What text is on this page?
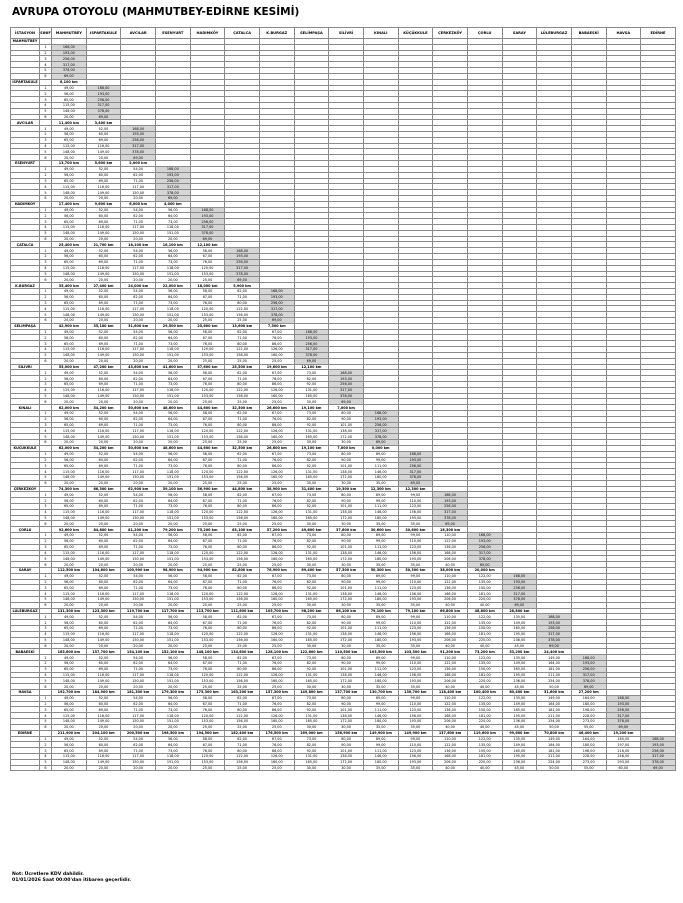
AVRUPA OTOYOLU (MAHMUTBEY-EDİRNE KESİMİ)
İSTASYON	SINIF	MAHMUTBEY	ISPARTAKULE	AVCILAR	ESENYURT	HADIMKÖY	ÇATALCA	K.BURGAZ	SELİMPAŞA	SİLİVRİ	KINALI	KÜÇÜKKULE	ÇERKEZKÖY	ÇORLU	SARAY	LÜLEBURGAZ	BABAESKİ	HAVSA	EDİRNE
MAHMUTBEY																			
	1	168,00																	
	2	193,00																	
	3	256,00																	
	4	317,00																	
	5	378,00																	
	6	69,00																	
ISPARTAKULE		8,100 km																	
	1	49,00	168,00																
	2	56,00	193,00																
	3	65,00	256,00																
	4	115,00	317,00																
	5	148,00	378,00																
	6	20,00	69,00																
AVCILAR		11,400 km	3,400 km																
	1	49,00	52,00	168,00															
	2	56,00	60,00	193,00															
	3	65,00	69,00	256,00															
	4	115,00	116,00	317,00															
	5	148,00	149,00	378,00															
	6	20,00	20,00	69,00															
ESENYURT		13,700 km	5,600 km	2,000 km															
	1	49,00	52,00	54,00	168,00														
	2	56,00	60,00	62,00	193,00														
	3	65,00	69,00	71,00	256,00														
	4	115,00	116,00	117,00	317,00														
	5	148,00	149,00	150,00	378,00														
	6	20,00	20,00	20,00	69,00														
HADIMKÖY		17,400 km	9,600 km	6,000 km	4,000 km														
	1	49,00	52,00	54,00	56,00	168,00													
	2	56,00	60,00	62,00	64,00	193,00													
	3	65,00	69,00	71,00	73,00	256,00													
	4	115,00	116,00	117,00	118,00	317,00													
	5	148,00	149,00	150,00	151,00	378,00													
	6	20,00	20,00	20,00	20,00	69,00													
ÇATALCA		25,400 km	21,700 km	18,100 km	16,100 km	12,100 km													
	1	49,00	52,00	54,00	56,00	58,00	168,00												
	2	56,00	60,00	62,00	64,00	67,00	193,00												
	3	65,00	69,00	71,00	73,00	76,00	256,00												
	4	115,00	116,00	117,00	118,00	120,00	317,00												
	5	148,00	149,00	150,00	151,00	153,00	378,00												
	6	20,00	20,00	20,00	20,00	25,00	69,00												
K.BURGAZ		35,400 km	27,400 km	24,000 km	22,000 km	18,000 km	5,900 km												
	1	49,00	52,00	54,00	56,00	58,00	62,00	168,00											
	2	56,00	60,00	62,00	64,00	67,00	71,00	193,00											
	3	65,00	69,00	71,00	73,00	76,00	80,00	256,00											
	4	115,00	116,00	117,00	118,00	120,00	122,00	317,00											
	5	148,00	149,00	150,00	151,00	153,00	156,00	378,00											
	6	20,00	20,00	20,00	20,00	25,00	25,00	69,00											
SELİMPAŞA		42,900 km	35,100 km	31,600 km	29,500 km	25,600 km	13,600 km	7,500 km											
	1	49,00	52,00	54,00	56,00	58,00	62,00	67,00	168,00										
	2	56,00	60,00	62,00	64,00	67,00	71,00	76,00	193,00										
	3	65,00	69,00	71,00	73,00	76,00	80,00	86,00	256,00										
	4	115,00	116,00	117,00	118,00	120,00	122,00	126,00	317,00										
	5	148,00	149,00	150,00	151,00	153,00	156,00	160,00	378,00										
	6	20,00	20,00	20,00	20,00	25,00	25,00	25,00	69,00										
SİLİVRİ		55,000 km	47,200 km	43,600 km	41,600 km	37,600 km	25,500 km	19,600 km	12,100 km										
	1	49,00	52,00	54,00	56,00	58,00	62,00	67,00	73,00	168,00									
	2	56,00	60,00	62,00	64,00	67,00	71,00	76,00	82,00	193,00									
	3	65,00	69,00	71,00	73,00	76,00	80,00	86,00	92,00	256,00									
	4	115,00	116,00	117,00	118,00	120,00	122,00	126,00	131,00	317,00									
	5	148,00	149,00	150,00	151,00	153,00	156,00	160,00	165,00	378,00									
	6	20,00	20,00	20,00	20,00	25,00	25,00	25,00	30,00	69,00									
KINALI		62,000 km	54,200 km	50,600 km	48,600 km	44,600 km	32,500 km	26,600 km	19,100 km	7,000 km									
	1	49,00	52,00	54,00	56,00	58,00	62,00	67,00	73,00	80,00	168,00								
	2	56,00	60,00	62,00	64,00	67,00	71,00	76,00	82,00	90,00	193,00								
	3	65,00	69,00	71,00	73,00	76,00	80,00	86,00	92,00	101,00	256,00								
	4	115,00	116,00	117,00	118,00	120,00	122,00	126,00	131,00	138,00	317,00								
	5	148,00	149,00	150,00	151,00	153,00	156,00	160,00	165,00	172,00	378,00								
	6	20,00	20,00	20,00	20,00	25,00	25,00	25,00	30,00	30,00	69,00								
KÜÇÜKKULE		62,000 km	54,200 km	50,600 km	48,600 km	44,600 km	32,500 km	26,600 km	19,100 km	7,000 km	0,000 km								
	1	49,00	52,00	54,00	56,00	58,00	62,00	67,00	73,00	80,00	89,00	168,00							
	2	56,00	60,00	62,00	64,00	67,00	71,00	76,00	82,00	90,00	99,00	193,00							
	3	65,00	69,00	71,00	73,00	76,00	80,00	86,00	92,00	101,00	111,00	256,00							
	4	115,00	116,00	117,00	118,00	120,00	122,00	126,00	131,00	138,00	146,00	317,00							
	5	148,00	149,00	150,00	151,00	153,00	156,00	160,00	165,00	172,00	180,00	378,00							
	6	20,00	20,00	20,00	20,00	25,00	25,00	25,00	30,00	30,00	35,00	69,00							
ÇERKEZKÖY		74,300 km	66,300 km	62,900 km	59,100 km	56,900 km	44,800 km	38,900 km	31,400 km	19,300 km	12,300 km	12,300 km							
	1	49,00	52,00	54,00	56,00	58,00	62,00	67,00	73,00	80,00	89,00	99,00	168,00						
	2	56,00	60,00	62,00	64,00	67,00	71,00	76,00	82,00	90,00	99,00	110,00	193,00						
	3	65,00	69,00	71,00	73,00	76,00	80,00	86,00	92,00	101,00	111,00	123,00	256,00						
	4	115,00	116,00	117,00	118,00	120,00	122,00	126,00	131,00	138,00	146,00	156,00	317,00						
	5	148,00	149,00	150,00	151,00	153,00	156,00	160,00	165,00	172,00	180,00	193,00	378,00						
	6	20,00	20,00	20,00	20,00	25,00	25,00	25,00	30,00	30,00	35,00	35,00	69,00						
ÇORLU		92,600 km	84,800 km	81,200 km	79,200 km	75,200 km	63,100 km	57,200 km	49,600 km	37,600 km	30,600 km	30,600 km	18,300 km						
	1	49,00	52,00	54,00	56,00	58,00	62,00	67,00	73,00	80,00	89,00	99,00	110,00	168,00					
	2	56,00	60,00	62,00	64,00	67,00	71,00	76,00	82,00	90,00	99,00	110,00	122,00	193,00					
	3	65,00	69,00	71,00	73,00	76,00	80,00	86,00	92,00	101,00	111,00	123,00	136,00	256,00					
	4	115,00	116,00	117,00	118,00	120,00	122,00	126,00	131,00	138,00	146,00	156,00	168,00	317,00					
	5	148,00	149,00	150,00	151,00	153,00	156,00	160,00	165,00	172,00	180,00	193,00	206,00	378,00					
	6	20,00	20,00	20,00	20,00	25,00	25,00	25,00	30,00	30,00	35,00	35,00	40,00	69,00					
SARAY		112,500 km	104,600 km	100,900 km	98,900 km	94,900 km	82,800 km	76,900 km	69,400 km	57,300 km	50,300 km	50,300 km	38,000 km	20,000 km					
	1	49,00	52,00	54,00	56,00	58,00	62,00	67,00	73,00	80,00	89,00	99,00	110,00	122,00	168,00				
	2	56,00	60,00	62,00	64,00	67,00	71,00	76,00	82,00	90,00	99,00	110,00	122,00	135,00	193,00				
	3	65,00	69,00	71,00	73,00	76,00	80,00	86,00	92,00	101,00	111,00	123,00	136,00	150,00	256,00				
	4	115,00	116,00	117,00	118,00	120,00	122,00	126,00	131,00	138,00	146,00	156,00	168,00	181,00	317,00				
	5	148,00	149,00	150,00	151,00	153,00	156,00	160,00	165,00	172,00	180,00	193,00	206,00	220,00	378,00				
	6	20,00	20,00	20,00	20,00	25,00	25,00	25,00	30,00	30,00	35,00	35,00	40,00	40,00	69,00				
LÜLEBURGAZ		131,300 km	123,300 km	119,700 km	117,700 km	113,700 km	111,600 km	105,700 km	98,200 km	86,100 km	79,100 km	79,100 km	66,800 km	48,800 km	28,800 km				
	1	49,00	52,00	54,00	56,00	58,00	62,00	67,00	73,00	80,00	89,00	99,00	110,00	122,00	135,00	168,00			
	2	56,00	60,00	62,00	64,00	67,00	71,00	76,00	82,00	90,00	99,00	110,00	122,00	135,00	149,00	193,00			
	3	65,00	69,00	71,00	73,00	76,00	80,00	86,00	92,00	101,00	111,00	123,00	136,00	150,00	165,00	256,00			
	4	115,00	116,00	117,00	118,00	120,00	122,00	126,00	131,00	138,00	146,00	156,00	168,00	181,00	195,00	317,00			
	5	148,00	149,00	150,00	151,00	153,00	156,00	160,00	165,00	172,00	180,00	193,00	206,00	220,00	236,00	378,00			
	6	20,00	20,00	20,00	20,00	25,00	25,00	25,00	30,00	30,00	35,00	35,00	40,00	40,00	45,00	69,00			
BABAESKİ		165,600 km	157,700 km	154,100 km	152,100 km	148,100 km	134,600 km	128,100 km	122,600 km	110,500 km	103,500 km	103,500 km	91,200 km	73,200 km	53,200 km	24,400 km			
	1	49,00	52,00	54,00	56,00	58,00	62,00	67,00	73,00	80,00	89,00	99,00	110,00	122,00	135,00	149,00	168,00		
	2	56,00	60,00	62,00	64,00	67,00	71,00	76,00	82,00	90,00	99,00	110,00	122,00	135,00	149,00	164,00	193,00		
	3	65,00	69,00	71,00	73,00	76,00	80,00	86,00	92,00	101,00	111,00	123,00	136,00	150,00	165,00	181,00	256,00		
	4	115,00	116,00	117,00	118,00	120,00	122,00	126,00	131,00	138,00	146,00	156,00	168,00	181,00	195,00	211,00	317,00		
	5	148,00	149,00	150,00	151,00	153,00	156,00	160,00	165,00	172,00	180,00	193,00	206,00	220,00	236,00	254,00	378,00		
	6	20,00	20,00	20,00	20,00	25,00	25,00	25,00	30,00	30,00	35,00	35,00	40,00	40,00	45,00	50,00	69,00		
HAVSA		192,700 km	184,900 km	181,300 km	179,300 km	175,300 km	163,200 km	157,300 km	149,800 km	137,700 km	130,700 km	130,700 km	118,400 km	100,400 km	80,400 km	51,600 km	27,200 km		
	1	49,00	52,00	54,00	56,00	58,00	62,00	67,00	73,00	80,00	89,00	99,00	110,00	122,00	135,00	149,00	164,00	168,00	
	2	56,00	60,00	62,00	64,00	67,00	71,00	76,00	82,00	90,00	99,00	110,00	122,00	135,00	149,00	164,00	180,00	193,00	
	3	65,00	69,00	71,00	73,00	76,00	80,00	86,00	92,00	101,00	111,00	123,00	136,00	150,00	165,00	181,00	198,00	256,00	
	4	115,00	116,00	117,00	118,00	120,00	122,00	126,00	131,00	138,00	146,00	156,00	168,00	181,00	195,00	211,00	228,00	317,00	
	5	148,00	149,00	150,00	151,00	153,00	156,00	160,00	165,00	172,00	180,00	193,00	206,00	220,00	236,00	254,00	273,00	378,00	
	6	20,00	20,00	20,00	20,00	25,00	25,00	25,00	30,00	30,00	35,00	35,00	40,00	40,00	45,00	50,00	55,00	69,00	
EDİRNE		211,900 km	204,100 km	200,500 km	198,500 km	194,500 km	182,400 km	176,500 km	169,000 km	156,900 km	149,900 km	149,900 km	137,600 km	119,600 km	99,600 km	70,800 km	46,400 km	19,200 km	
	1	49,00	52,00	54,00	56,00	58,00	62,00	67,00	73,00	80,00	89,00	99,00	110,00	122,00	135,00	149,00	164,00	180,00	168,00
	2	56,00	60,00	62,00	64,00	67,00	71,00	76,00	82,00	90,00	99,00	110,00	122,00	135,00	149,00	164,00	180,00	197,00	193,00
	3	65,00	69,00	71,00	73,00	76,00	80,00	86,00	92,00	101,00	111,00	123,00	136,00	150,00	165,00	181,00	198,00	216,00	256,00
	4	115,00	116,00	117,00	118,00	120,00	122,00	126,00	131,00	138,00	146,00	156,00	168,00	181,00	195,00	211,00	228,00	246,00	317,00
	5	148,00	149,00	150,00	151,00	153,00	156,00	160,00	165,00	172,00	180,00	193,00	206,00	220,00	236,00	254,00	273,00	293,00	378,00
	6	20,00	20,00	20,00	20,00	25,00	25,00	25,00	30,00	30,00	35,00	35,00	40,00	40,00	45,00	50,00	55,00	60,00	69,00
Not: Ücretlere KDV dahildir.
01/01/2026 Saat 00:00'dan itibaren geçerlidir.
